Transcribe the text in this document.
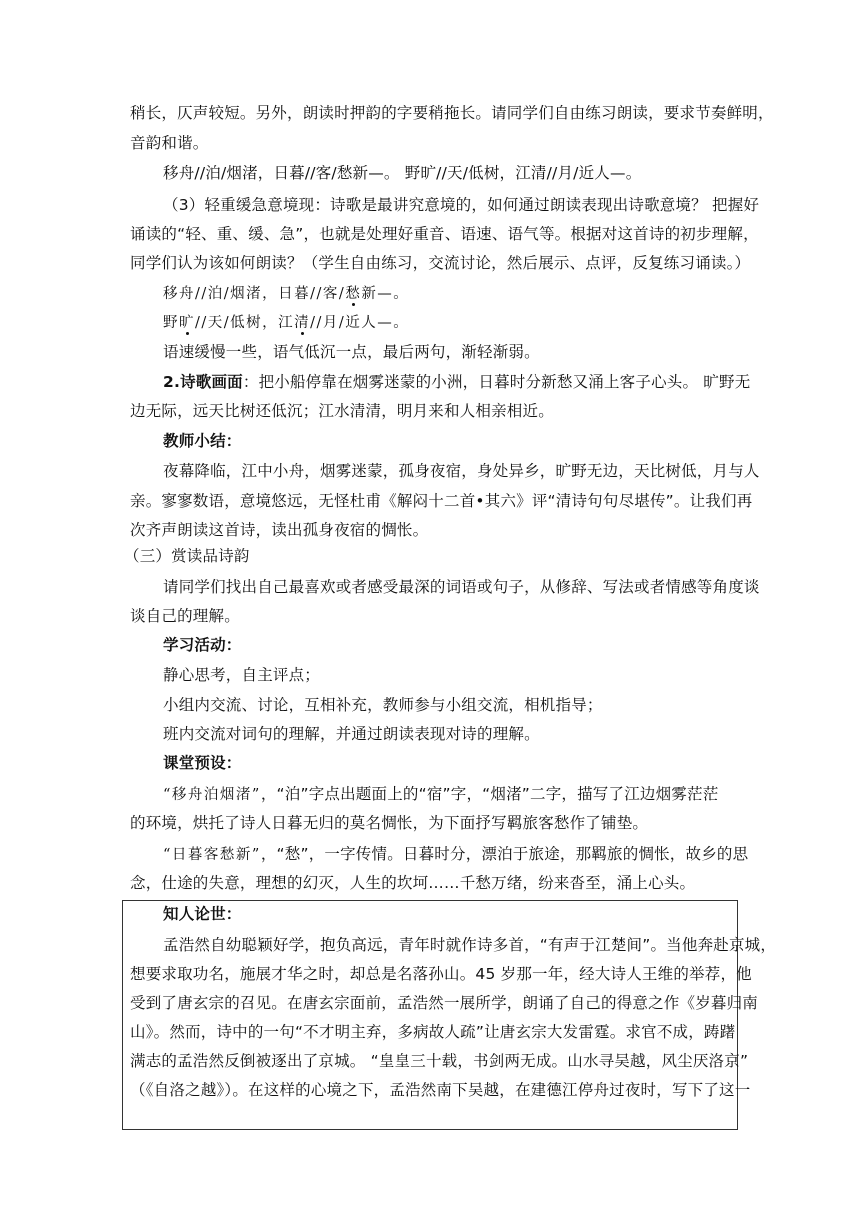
稍长，仄声较短。另外，朗读时押韵的字要稍拖长。请同学们自由练习朗读，要求节奏鲜明，
音韵和谐。
移舟//泊/烟渚，日暮//客/愁新—。 野旷//天/低树，江清//月/近人—。
（3）轻重缓急意境现：诗歌是最讲究意境的，如何通过朗读表现出诗歌意境？ 把握好
诵读的“轻、重、缓、急”，也就是处理好重音、语速、语气等。根据对这首诗的初步理解，
同学们认为该如何朗读？（学生自由练习，交流讨论，然后展示、点评，反复练习诵读。）
移舟//泊/烟渚，日暮//客/愁新—。
野旷//天/低树，江清//月/近人—。
语速缓慢一些，语气低沉一点，最后两句，渐轻渐弱。
2.诗歌画面：把小船停靠在烟雾迷蒙的小洲，日暮时分新愁又涌上客子心头。 旷野无
边无际，远天比树还低沉；江水清清，明月来和人相亲相近。
教师小结：
夜幕降临，江中小舟，烟雾迷蒙，孤身夜宿，身处异乡，旷野无边，天比树低，月与人
亲。寥寥数语，意境悠远，无怪杜甫《解闷十二首•其六》评“清诗句句尽堪传”。让我们再
次齐声朗读这首诗，读出孤身夜宿的惆怅。
（三）赏读品诗韵
请同学们找出自己最喜欢或者感受最深的词语或句子，从修辞、写法或者情感等角度谈
谈自己的理解。
学习活动：
静心思考，自主评点；
小组内交流、讨论，互相补充，教师参与小组交流，相机指导；
班内交流对词句的理解，并通过朗读表现对诗的理解。
课堂预设：
“移舟泊烟渚”，“泊”字点出题面上的“宿”字，“烟渚”二字，描写了江边烟雾茫茫
的环境，烘托了诗人日暮无归的莫名惆怅，为下面抒写羁旅客愁作了铺垫。
“日暮客愁新”，“愁”，一字传情。日暮时分，漂泊于旅途，那羁旅的惆怅，故乡的思
念，仕途的失意，理想的幻灭，人生的坎坷……千愁万绪，纷来沓至，涌上心头。
知人论世：
孟浩然自幼聪颖好学，抱负高远，青年时就作诗多首，“有声于江楚间”。当他奔赴京城，
想要求取功名，施展才华之时，却总是名落孙山。45 岁那一年，经大诗人王维的举荐，他
受到了唐玄宗的召见。在唐玄宗面前，孟浩然一展所学，朗诵了自己的得意之作《岁暮归南
山》。然而，诗中的一句“不才明主弃，多病故人疏”让唐玄宗大发雷霆。求官不成，踌躇
满志的孟浩然反倒被逐出了京城。 “皇皇三十载，书剑两无成。山水寻吴越，风尘厌洛京”
（《自洛之越》）。在这样的心境之下，孟浩然南下吴越，在建德江停舟过夜时，写下了这一
